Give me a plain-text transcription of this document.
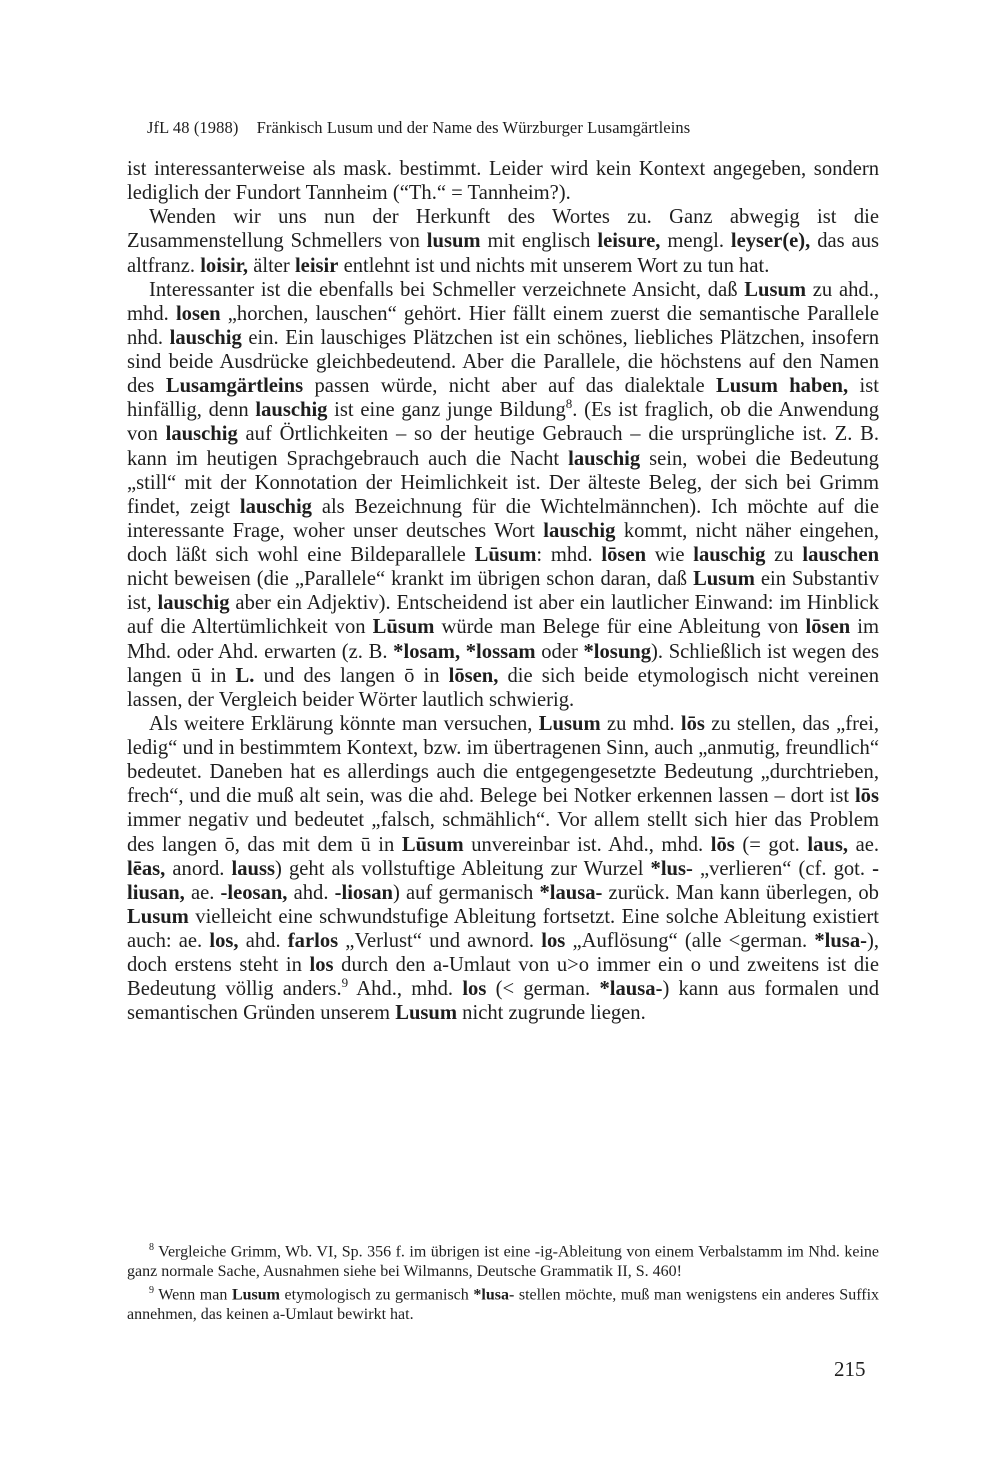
JfL 48 (1988) Fränkisch Lusum und der Name des Würzburger Lusamgärtleins

ist interessanterweise als mask. bestimmt. Leider wird kein Kontext angegeben, sondern lediglich der Fundort Tannheim (“Th.“ = Tannheim?).

Wenden wir uns nun der Herkunft des Wortes zu. Ganz abwegig ist die Zusammenstellung Schmellers von lusum mit englisch leisure, mengl. leyser(e), das aus altfranz. loisir, älter leisir entlehnt ist und nichts mit unserem Wort zu tun hat.

Interessanter ist die ebenfalls bei Schmeller verzeichnete Ansicht, daß Lusum zu ahd., mhd. losen „horchen, lauschen“ gehört. Hier fällt einem zuerst die semantische Parallele nhd. lauschig ein. Ein lauschiges Plätzchen ist ein schönes, liebliches Plätzchen, insofern sind beide Ausdrücke gleichbedeutend. Aber die Parallele, die höchstens auf den Namen des Lusamgärtleins passen würde, nicht aber auf das dialektale Lusum haben, ist hinfällig, denn lauschig ist eine ganz junge Bildung$^8$. (Es ist fraglich, ob die Anwendung von lauschig auf Örtlichkeiten – so der heutige Gebrauch – die ursprüngliche ist. Z. B. kann im heutigen Sprachgebrauch auch die Nacht lauschig sein, wobei die Bedeutung „still“ mit der Konnotation der Heimlichkeit ist. Der älteste Beleg, der sich bei Grimm findet, zeigt lauschig als Bezeichnung für die Wichtelmännchen). Ich möchte auf die interessante Frage, woher unser deutsches Wort lauschig kommt, nicht näher eingehen, doch läßt sich wohl eine Bildeparallele Lūsum: mhd. lōsen wie lauschig zu lauschen nicht beweisen (die „Parallele“ krankt im übrigen schon daran, daß Lusum ein Substantiv ist, lauschig aber ein Adjektiv). Entscheidend ist aber ein lautlicher Einwand: im Hinblick auf die Altertümlichkeit von Lūsum würde man Belege für eine Ableitung von lōsen im Mhd. oder Ahd. erwarten (z. B. *losam, *lossam oder *losung). Schließlich ist wegen des langen ū in L. und des langen ō in lōsen, die sich beide etymologisch nicht vereinen lassen, der Vergleich beider Wörter lautlich schwierig.

Als weitere Erklärung könnte man versuchen, Lusum zu mhd. lōs zu stellen, das „frei, ledig“ und in bestimmtem Kontext, bzw. im übertragenen Sinn, auch „anmutig, freundlich“ bedeutet. Daneben hat es allerdings auch die entgegengesetzte Bedeutung „durchtrieben, frech“, und die muß alt sein, was die ahd. Belege bei Notker erkennen lassen – dort ist lōs immer negativ und bedeutet „falsch, schmählich“. Vor allem stellt sich hier das Problem des langen ō, das mit dem ū in Lūsum unvereinbar ist. Ahd., mhd. lōs (= got. laus, ae. lēas, anord. lauss) geht als vollstuftige Ableitung zur Wurzel *lus- „verlieren“ (cf. got. -liusan, ae. -leosan, ahd. -liosan) auf germanisch *lausa- zurück. Man kann überlegen, ob Lusum vielleicht eine schwundstufige Ableitung fortsetzt. Eine solche Ableitung existiert auch: ae. los, ahd. farlos „Verlust“ und awnord. los „Auflösung“ (alle <german. *lusa-), doch erstens steht in los durch den a-Umlaut von u>o immer ein o und zweitens ist die Bedeutung völlig anders.$^9$ Ahd., mhd. los (< german. *lausa-) kann aus formalen und semantischen Gründen unserem Lusum nicht zugrunde liegen.

$^8$ Vergleiche Grimm, Wb. VI, Sp. 356 f. im übrigen ist eine -ig-Ableitung von einem Verbalstamm im Nhd. keine ganz normale Sache, Ausnahmen siehe bei Wilmanns, Deutsche Grammatik II, S. 460!

$^9$ Wenn man Lusum etymologisch zu germanisch *lusa- stellen möchte, muß man wenigstens ein anderes Suffix annehmen, das keinen a-Umlaut bewirkt hat.

215
